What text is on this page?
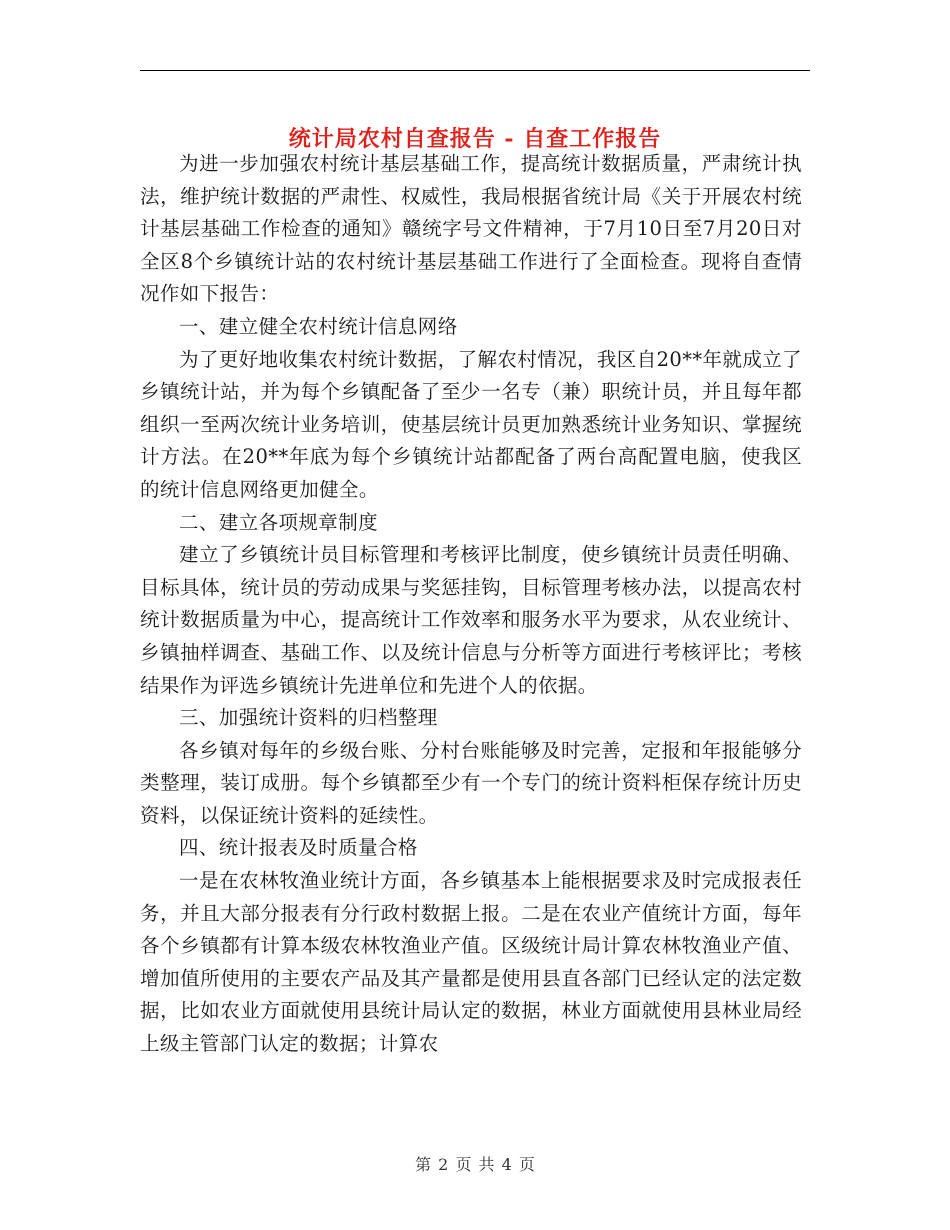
统计局农村自查报告 - 自查工作报告

为进一步加强农村统计基层基础工作，提高统计数据质量，严肃统计执法，维护统计数据的严肃性、权威性，我局根据省统计局《关于开展农村统计基层基础工作检查的通知》赣统字号文件精神，于7月10日至7月20日对全区8个乡镇统计站的农村统计基层基础工作进行了全面检查。现将自查情况作如下报告：

一、建立健全农村统计信息网络

为了更好地收集农村统计数据，了解农村情况，我区自20**年就成立了乡镇统计站，并为每个乡镇配备了至少一名专（兼）职统计员，并且每年都组织一至两次统计业务培训，使基层统计员更加熟悉统计业务知识、掌握统计方法。在20**年底为每个乡镇统计站都配备了两台高配置电脑，使我区的统计信息网络更加健全。

二、建立各项规章制度

建立了乡镇统计员目标管理和考核评比制度，使乡镇统计员责任明确、目标具体，统计员的劳动成果与奖惩挂钩，目标管理考核办法，以提高农村统计数据质量为中心，提高统计工作效率和服务水平为要求，从农业统计、乡镇抽样调查、基础工作、以及统计信息与分析等方面进行考核评比；考核结果作为评选乡镇统计先进单位和先进个人的依据。

三、加强统计资料的归档整理

各乡镇对每年的乡级台账、分村台账能够及时完善，定报和年报能够分类整理，装订成册。每个乡镇都至少有一个专门的统计资料柜保存统计历史资料，以保证统计资料的延续性。

四、统计报表及时质量合格

一是在农林牧渔业统计方面，各乡镇基本上能根据要求及时完成报表任务，并且大部分报表有分行政村数据上报。二是在农业产值统计方面，每年各个乡镇都有计算本级农林牧渔业产值。区级统计局计算农林牧渔业产值、增加值所使用的主要农产品及其产量都是使用县直各部门已经认定的法定数据，比如农业方面就使用县统计局认定的数据，林业方面就使用县林业局经上级主管部门认定的数据；计算农

第 2 页 共 4 页
